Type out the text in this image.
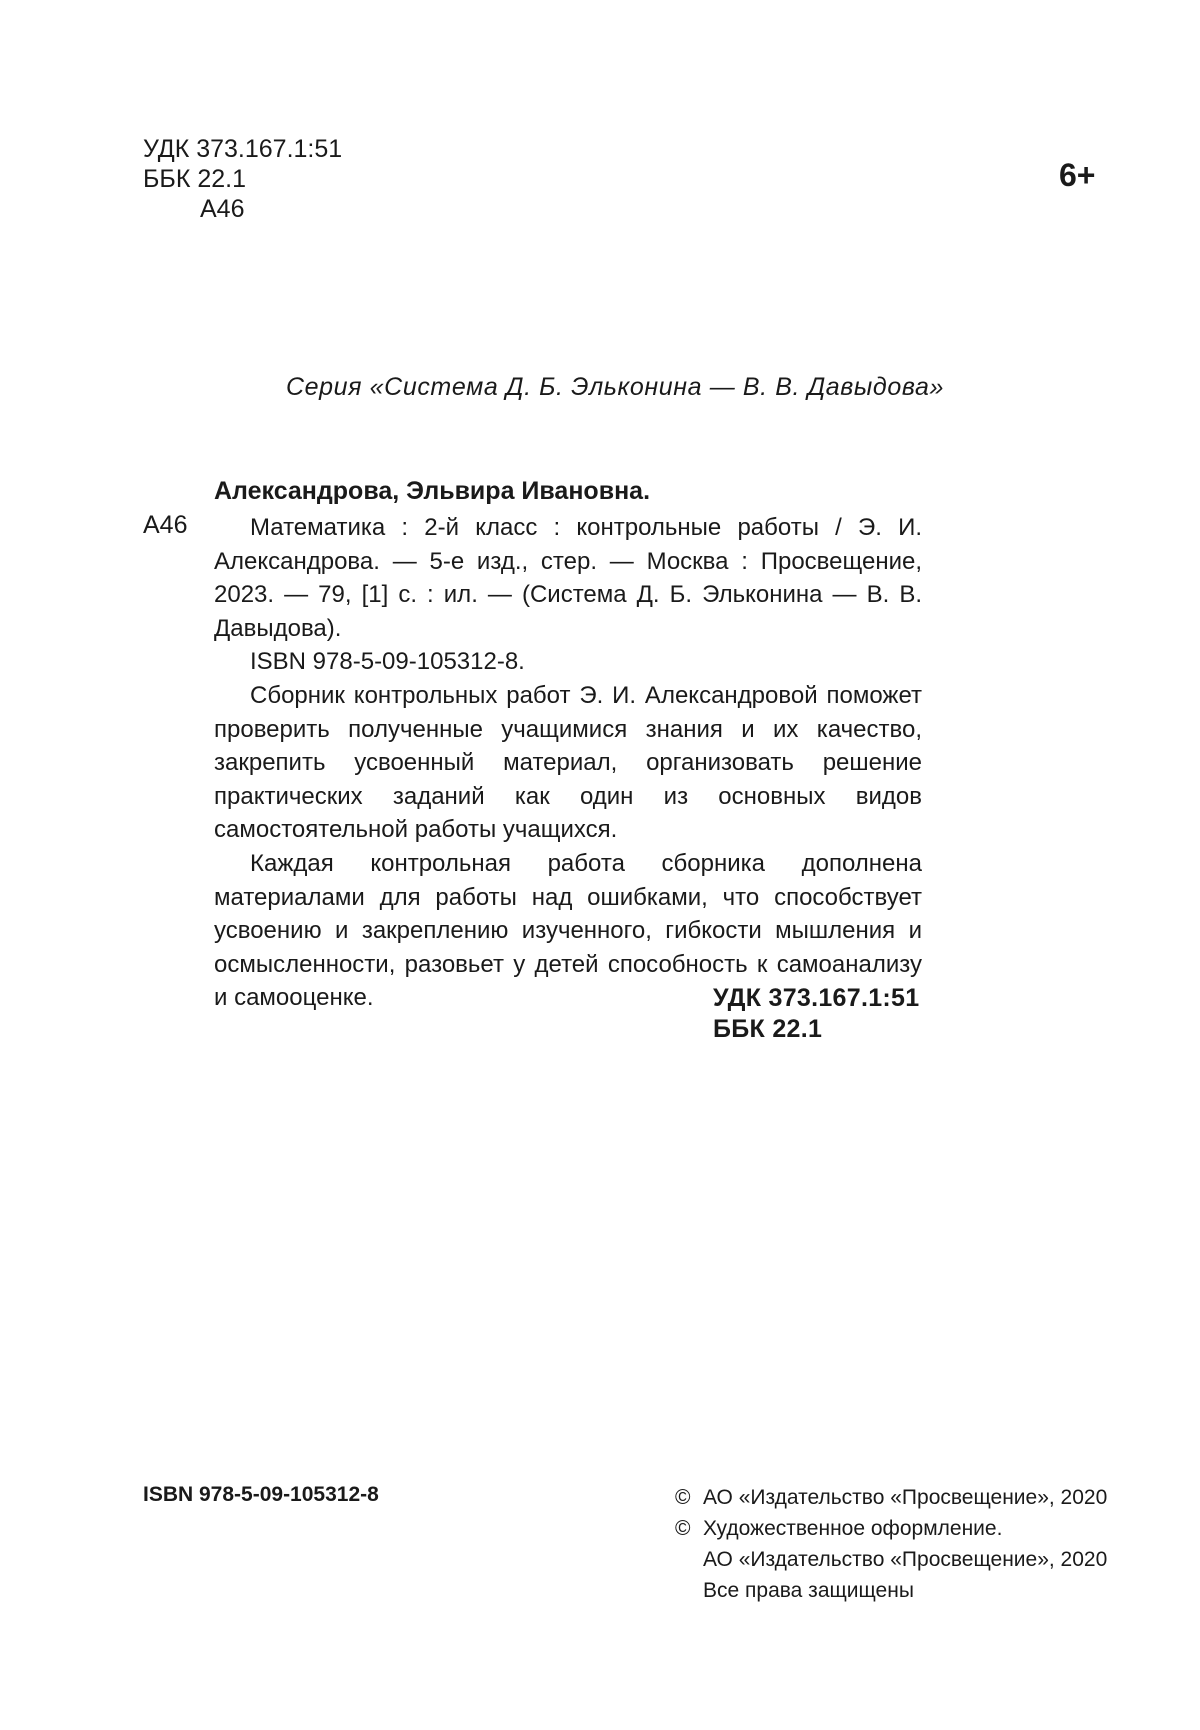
УДК 373.167.1:51
ББК 22.1
А46
6+
Серия «Система Д. Б. Эльконина — В. В. Давыдова»
А46
Александрова, Эльвира Ивановна.

Математика : 2-й класс : контрольные работы / Э. И. Александрова. — 5-е изд., стер. — Москва : Просвещение, 2023. — 79, [1] с. : ил. — (Система Д. Б. Эльконина — В. В. Давыдова).

ISBN 978-5-09-105312-8.

Сборник контрольных работ Э. И. Александровой поможет проверить полученные учащимися знания и их качество, закрепить усвоенный материал, организовать решение практических заданий как один из основных видов самостоятельной работы учащихся.

Каждая контрольная работа сборника дополнена материалами для работы над ошибками, что способствует усвоению и закреплению изученного, гибкости мышления и осмысленности, разовьет у детей способность к самоанализу и самооценке.	УДК 373.167.1:51
ББК 22.1
ISBN 978-5-09-105312-8	© АО «Издательство «Просвещение», 2020
© Художественное оформление.
АО «Издательство «Просвещение», 2020
Все права защищены
